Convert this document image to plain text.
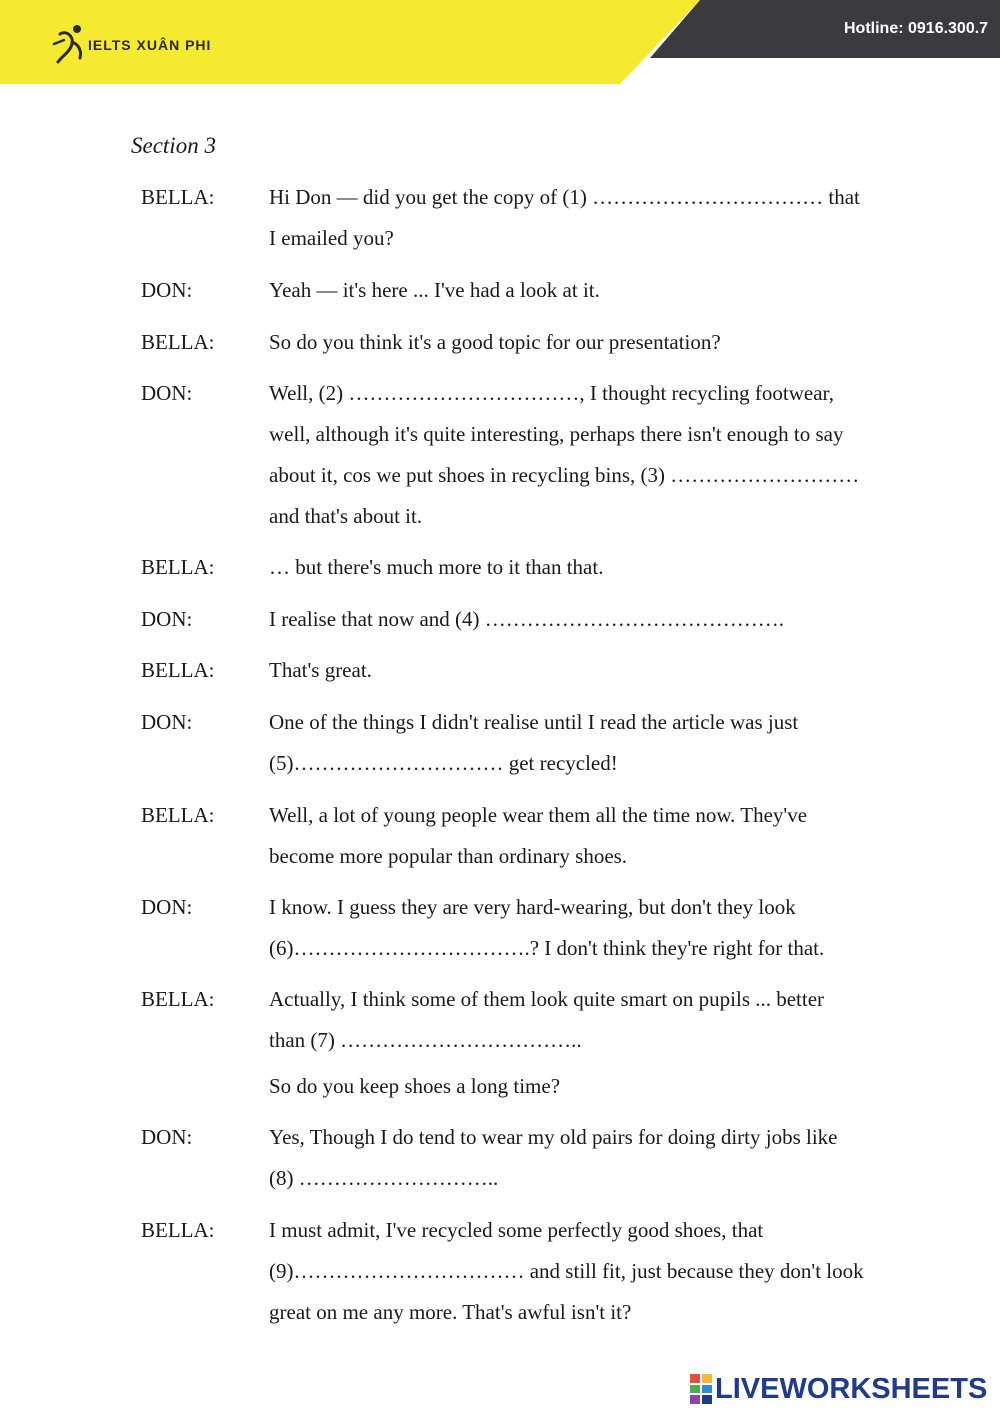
IELTS XUÂN PHI
Hotline: 0916.300.7
Section 3
BELLA:	Hi Don — did you get the copy of (1) …………………………… that
I emailed you?
DON:	Yeah — it's here ... I've had a look at it.
BELLA:	So do you think it's a good topic for our presentation?
DON:	Well, (2) ……………………………, I thought recycling footwear,
well, although it's quite interesting, perhaps there isn't enough to say
about it, cos we put shoes in recycling bins, (3) ………………………
and that's about it.
BELLA:	… but there's much more to it than that.
DON:	I realise that now and (4) …………………………………….
BELLA:	That's great.
DON:	One of the things I didn't realise until I read the article was just
(5)………………………… get recycled!
BELLA:	Well, a lot of young people wear them all the time now. They've
become more popular than ordinary shoes.
DON:	I know. I guess they are very hard-wearing, but don't they look
(6)…………………………….? I don't think they're right for that.
BELLA:	Actually, I think some of them look quite smart on pupils ... better
than (7) ……………………………..
So do you keep shoes a long time?
DON:	Yes, Though I do tend to wear my old pairs for doing dirty jobs like
(8) ………………………..
BELLA:	I must admit, I've recycled some perfectly good shoes, that
(9)…………………………… and still fit, just because they don't look
great on me any more. That's awful isn't it?
LIVEWORKSHEETS
